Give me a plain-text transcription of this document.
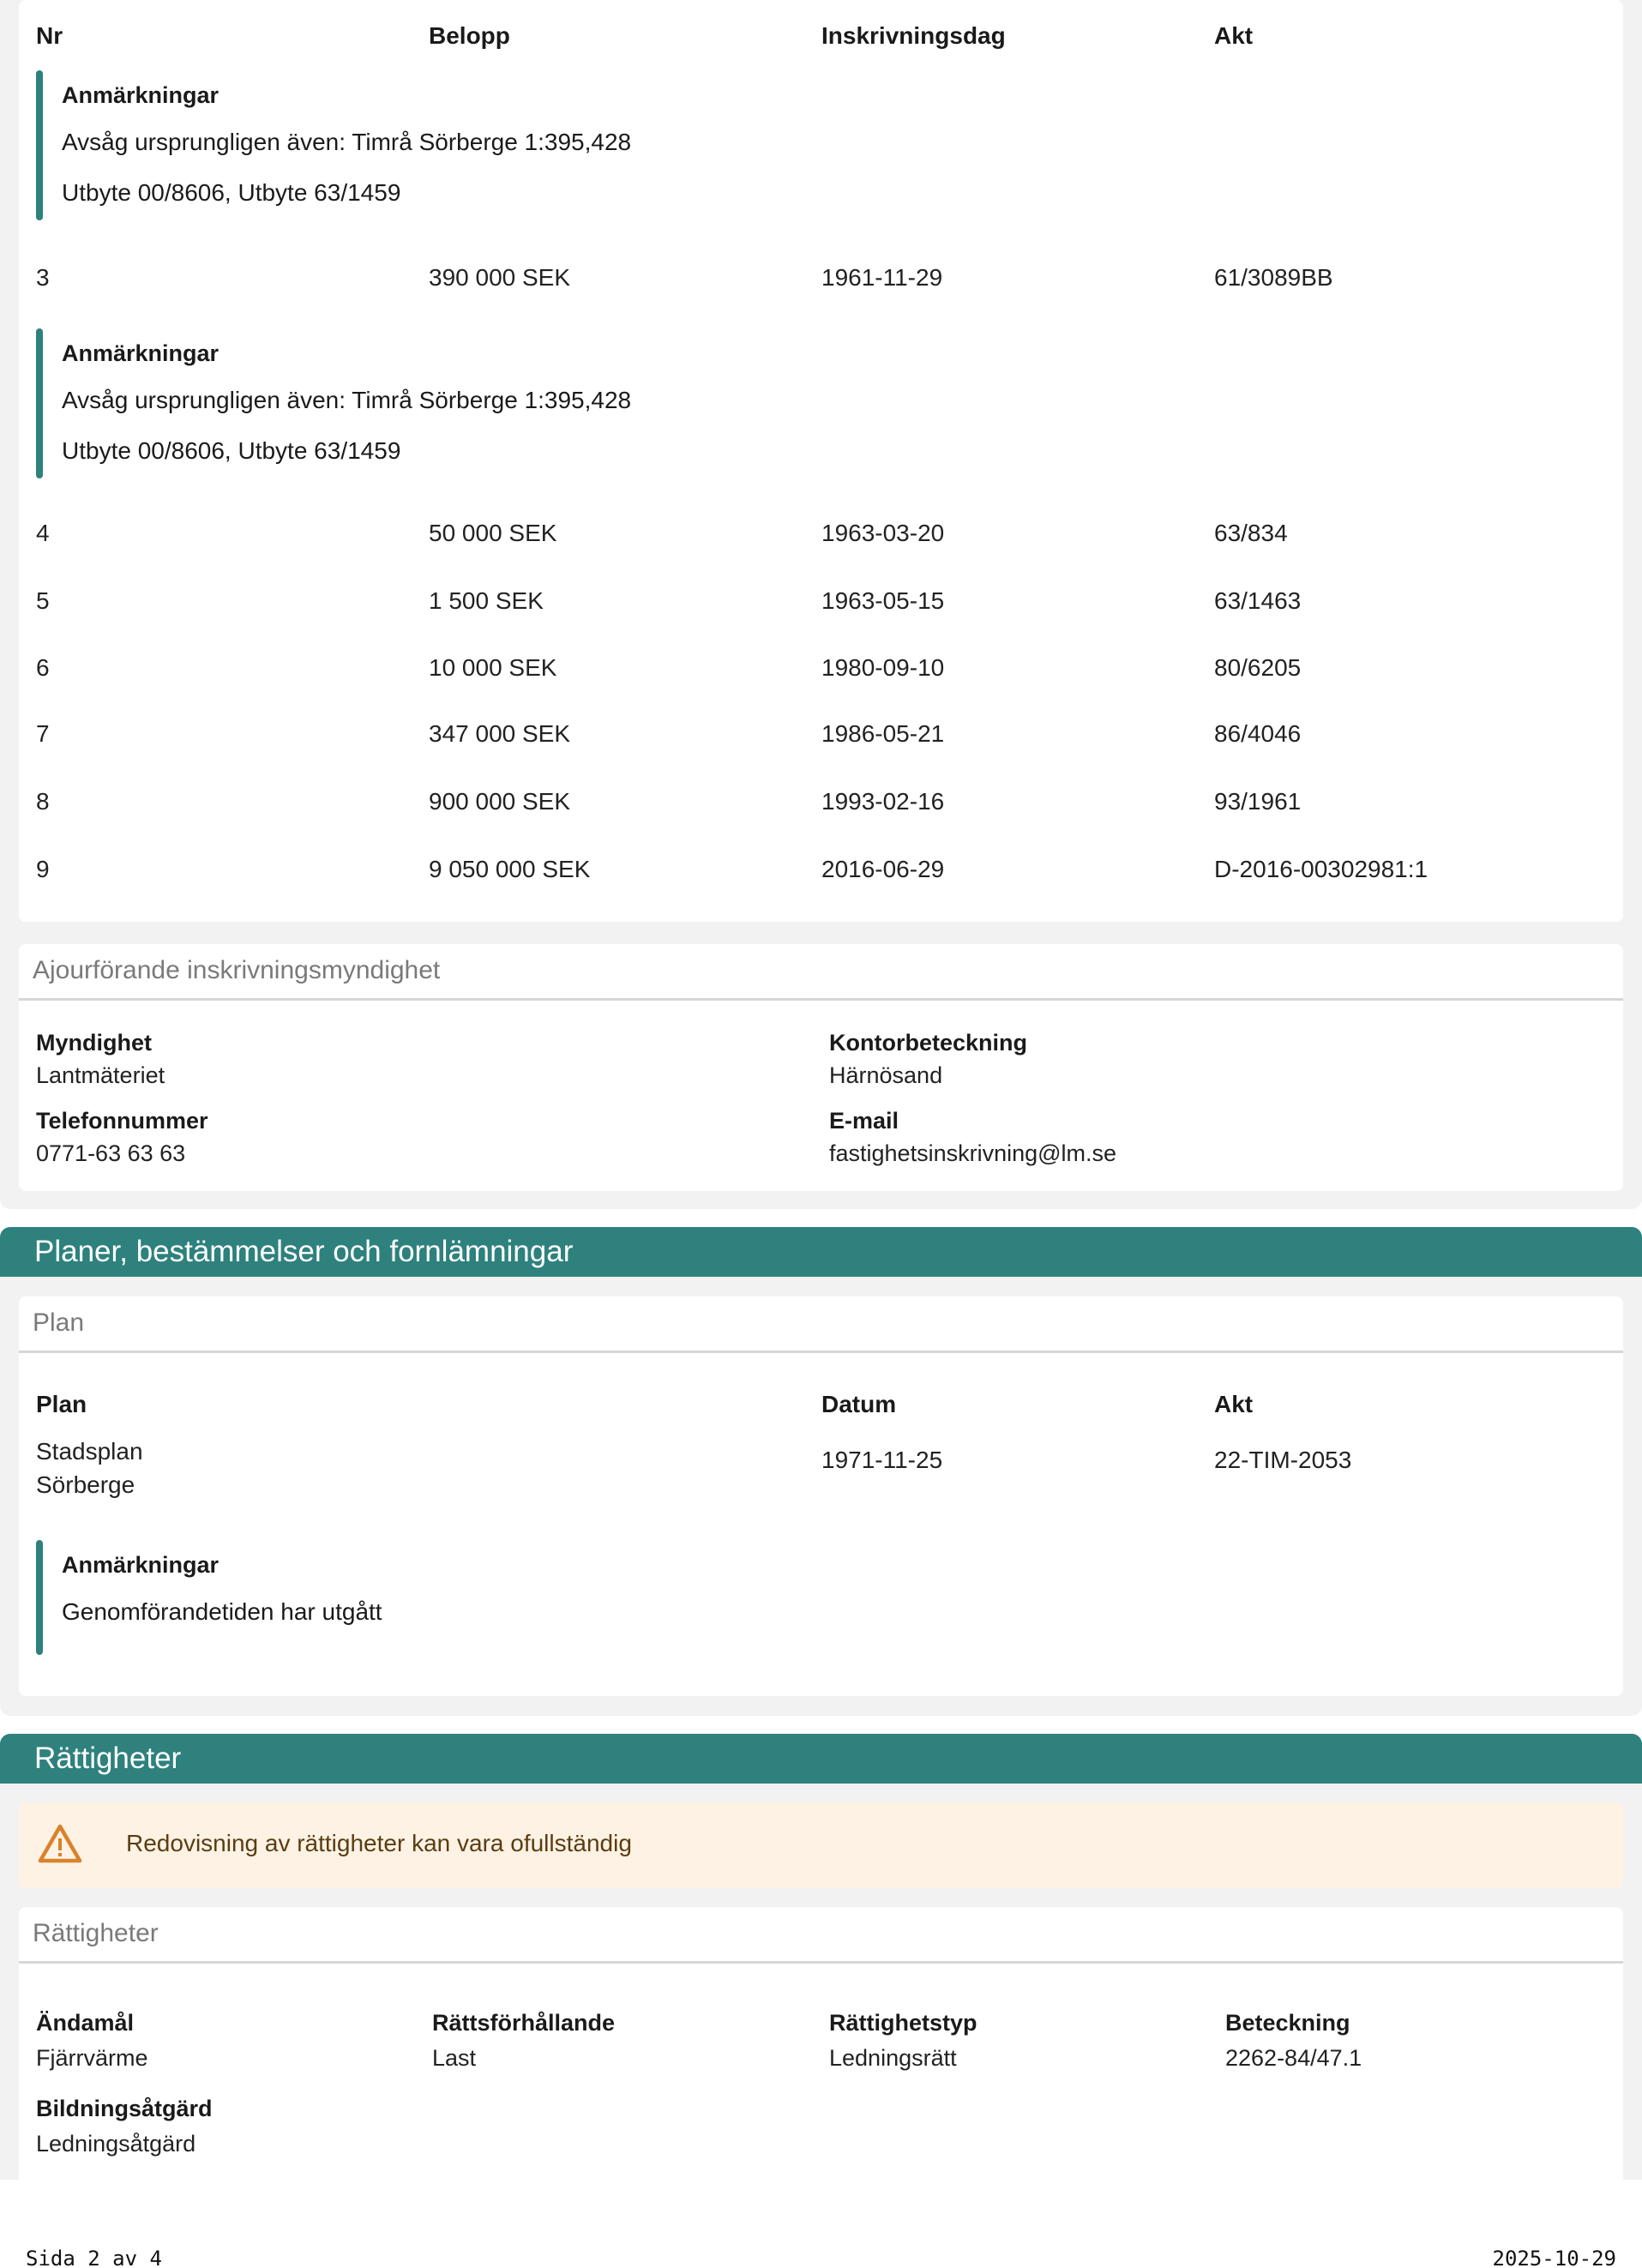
Nr	Belopp	Inskrivningsdag	Akt
Anmärkningar
Avsåg ursprungligen även: Timrå Sörberge 1:395,428
Utbyte 00/8606, Utbyte 63/1459
3	390 000 SEK	1961-11-29	61/3089BB
Anmärkningar
Avsåg ursprungligen även: Timrå Sörberge 1:395,428
Utbyte 00/8606, Utbyte 63/1459
4	50 000 SEK	1963-03-20	63/834
5	1 500 SEK	1963-05-15	63/1463
6	10 000 SEK	1980-09-10	80/6205
7	347 000 SEK	1986-05-21	86/4046
8	900 000 SEK	1993-02-16	93/1961
9	9 050 000 SEK	2016-06-29	D-2016-00302981:1
Ajourförande inskrivningsmyndighet
Myndighet
Lantmäteriet
Kontorbeteckning
Härnösand
Telefonnummer
0771-63 63 63
E-mail
fastighetsinskrivning@lm.se
Planer, bestämmelser och fornlämningar
Plan
Plan	Datum	Akt
Stadsplan
Sörberge
1971-11-25	22-TIM-2053
Anmärkningar
Genomförandetiden har utgått
Rättigheter
Redovisning av rättigheter kan vara ofullständig
Rättigheter
Ändamål
Fjärrvärme
Rättsförhållande
Last
Rättighetstyp
Ledningsrätt
Beteckning
2262-84/47.1
Bildningsåtgärd
Ledningsåtgärd
Sida 2 av 4	2025-10-29
